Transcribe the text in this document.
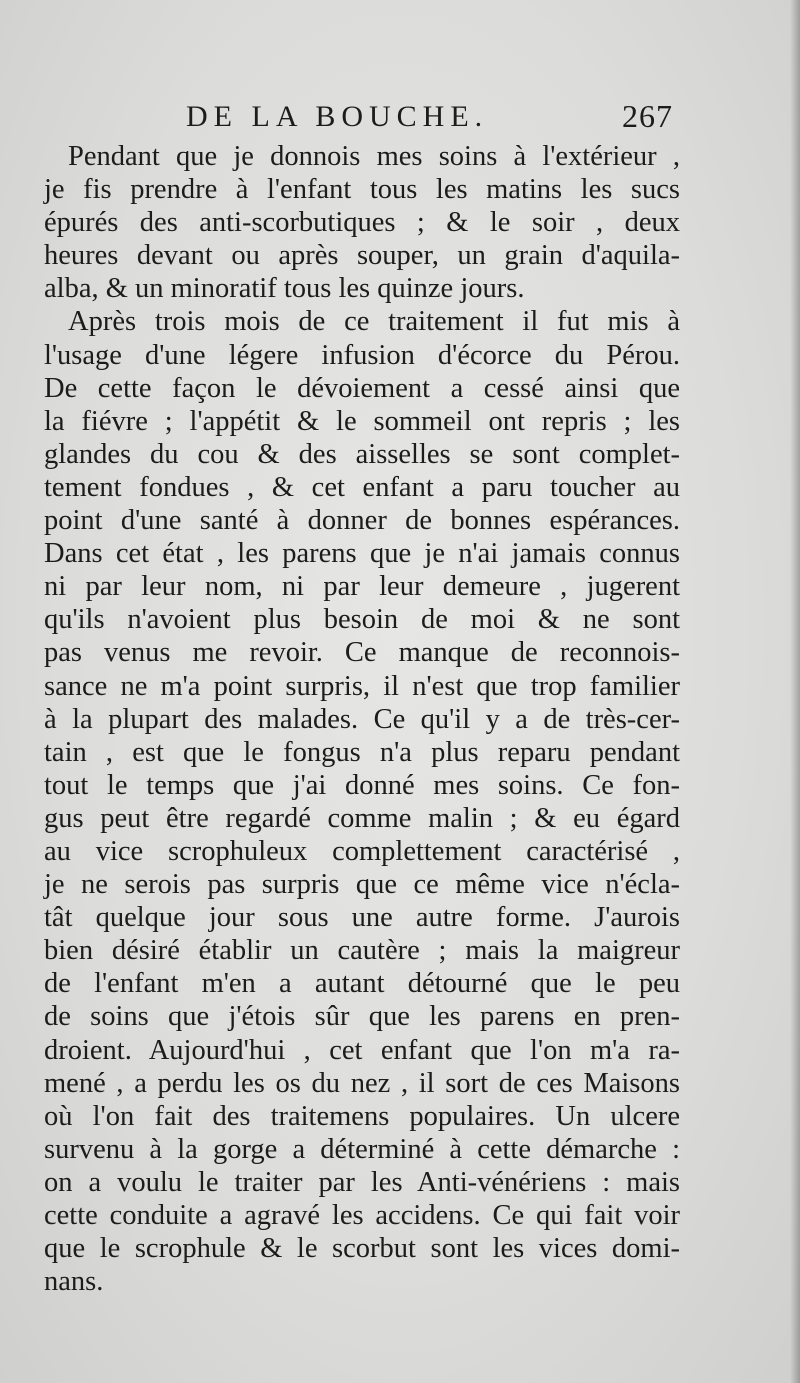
DE LA BOUCHE.	267
Pendant que je donnois mes soins à l'extérieur ,
je fis prendre à l'enfant tous les matins les sucs
épurés des anti-scorbutiques ; & le soir , deux
heures devant ou après souper, un grain d'aquila-
alba, & un minoratif tous les quinze jours.
Après trois mois de ce traitement il fut mis à
l'usage d'une légere infusion d'écorce du Pérou.
De cette façon le dévoiement a cessé ainsi que
la fiévre ; l'appétit & le sommeil ont repris ; les
glandes du cou & des aisselles se sont complet-
tement fondues , & cet enfant a paru toucher au
point d'une santé à donner de bonnes espérances.
Dans cet état , les parens que je n'ai jamais connus
ni par leur nom, ni par leur demeure , jugerent
qu'ils n'avoient plus besoin de moi & ne sont
pas venus me revoir. Ce manque de reconnois-
sance ne m'a point surpris, il n'est que trop familier
à la plupart des malades. Ce qu'il y a de très-cer-
tain , est que le fongus n'a plus reparu pendant
tout le temps que j'ai donné mes soins. Ce fon-
gus peut être regardé comme malin ; & eu égard
au vice scrophuleux complettement caractérisé ,
je ne serois pas surpris que ce même vice n'écla-
tât quelque jour sous une autre forme. J'aurois
bien désiré établir un cautère ; mais la maigreur
de l'enfant m'en a autant détourné que le peu
de soins que j'étois sûr que les parens en pren-
droient. Aujourd'hui , cet enfant que l'on m'a ra-
mené , a perdu les os du nez , il sort de ces Maisons
où l'on fait des traitemens populaires. Un ulcere
survenu à la gorge a déterminé à cette démarche :
on a voulu le traiter par les Anti-vénériens : mais
cette conduite a agravé les accidens. Ce qui fait voir
que le scrophule & le scorbut sont les vices domi-
nans.
